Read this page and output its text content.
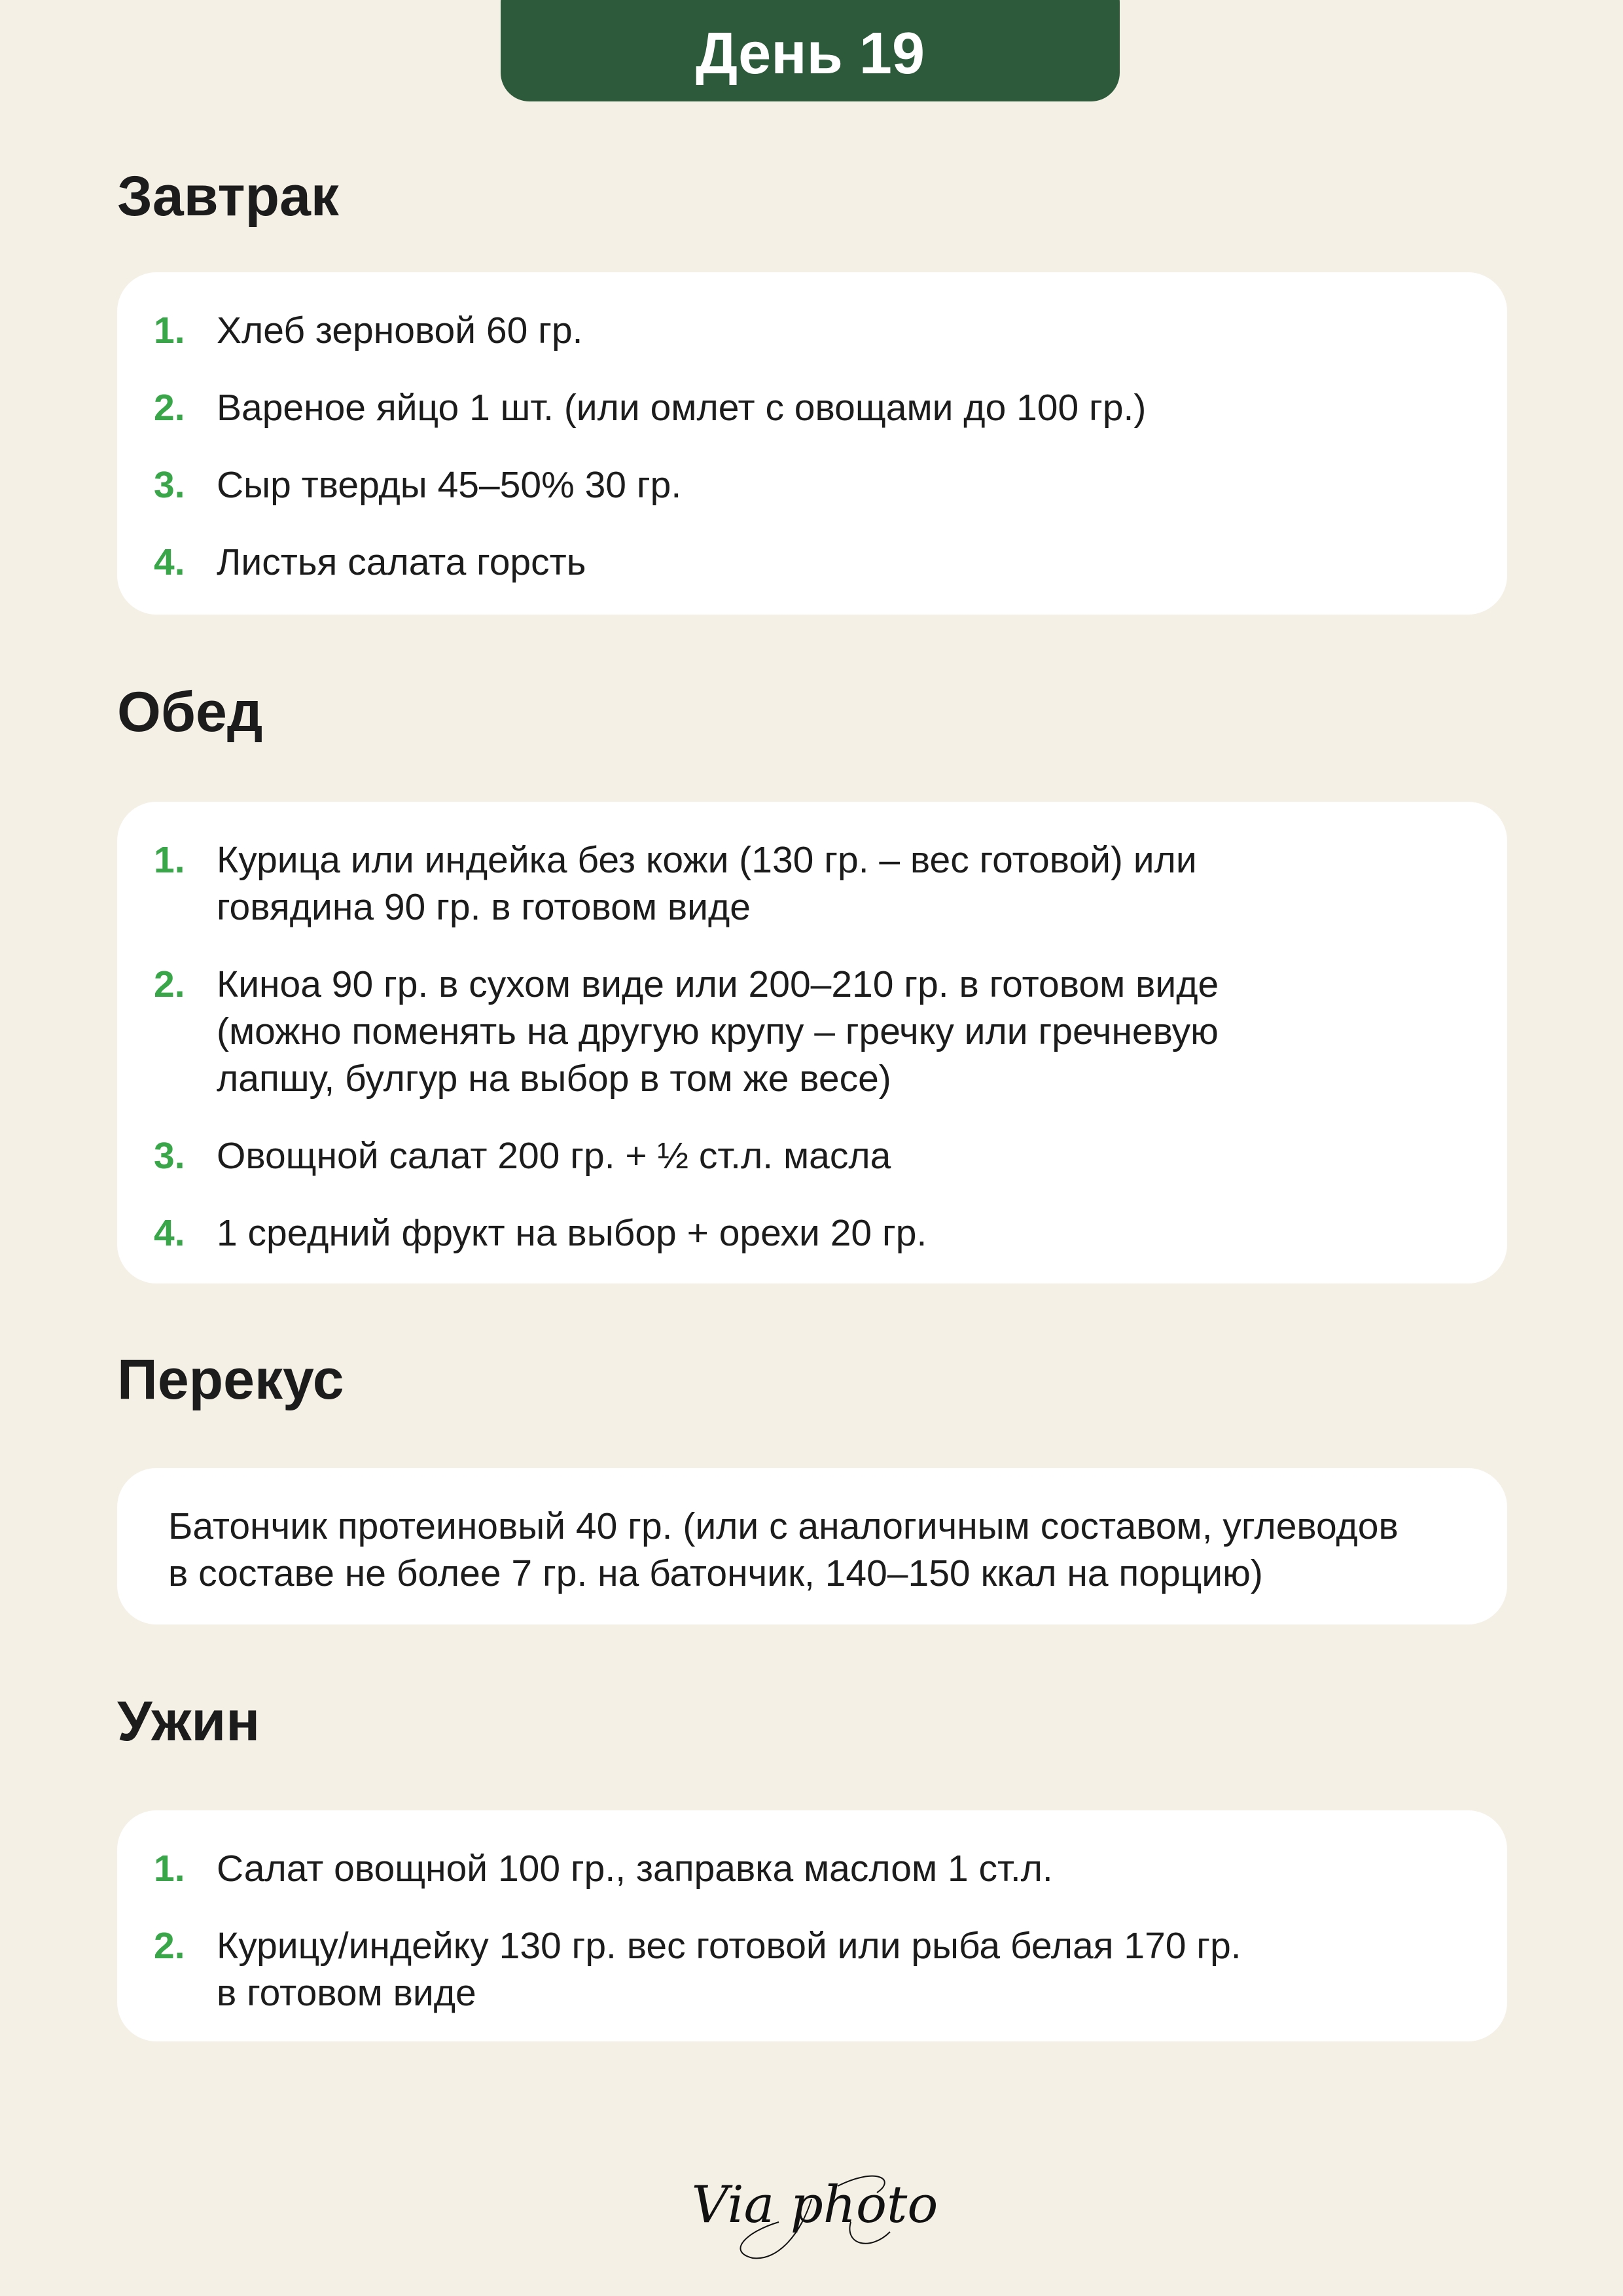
День 19
Завтрак
1. Хлеб зерновой 60 гр.
2. Вареное яйцо 1 шт. (или омлет с овощами до 100 гр.)
3. Сыр тверды 45–50% 30 гр.
4. Листья салата горсть
Обед
1. Курица или индейка без кожи (130 гр. – вес готовой) или
говядина 90 гр. в готовом виде
2. Киноа 90 гр. в сухом виде или 200–210 гр. в готовом виде
(можно поменять на другую крупу – гречку или гречневую
лапшу, булгур на выбор в том же весе)
3. Овощной салат 200 гр. + ½ ст.л. масла
4. 1 средний фрукт на выбор + орехи 20 гр.
Перекус
Батончик протеиновый 40 гр. (или с аналогичным составом, углеводов
в составе не более 7 гр. на батончик, 140–150 ккал на порцию)
Ужин
1. Салат овощной 100 гр., заправка маслом 1 ст.л.
2. Курицу/индейку 130 гр. вес готовой или рыба белая 170 гр.
в готовом виде
Via photo
